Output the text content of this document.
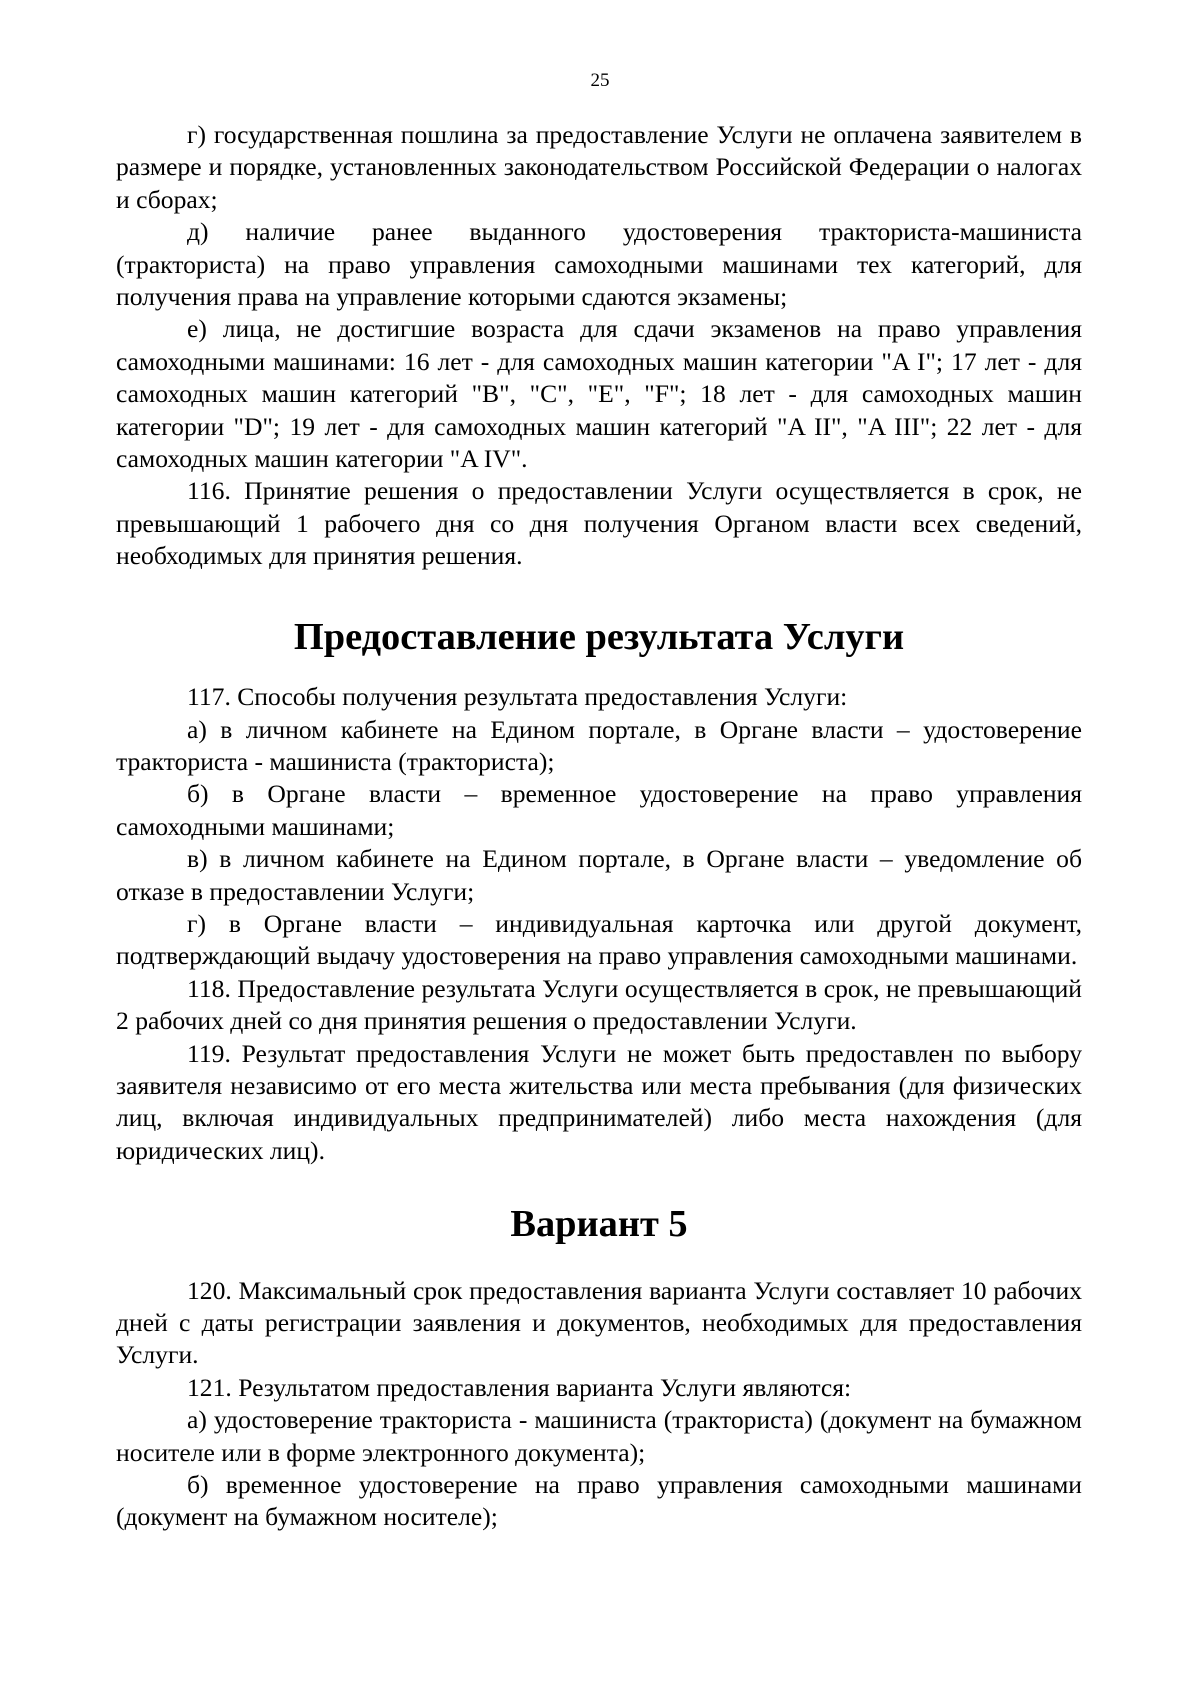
25

г) государственная пошлина за предоставление Услуги не оплачена заявителем в размере и порядке, установленных законодательством Российской Федерации о налогах и сборах;

д) наличие ранее выданного удостоверения тракториста-машиниста (тракториста) на право управления самоходными машинами тех категорий, для получения права на управление которыми сдаются экзамены;

е) лица, не достигшие возраста для сдачи экзаменов на право управления самоходными машинами: 16 лет - для самоходных машин категории "A I"; 17 лет - для самоходных машин категорий "B", "C", "E", "F"; 18 лет - для самоходных машин категории "D"; 19 лет - для самоходных машин категорий "A II", "A III"; 22 лет - для самоходных машин категории "A IV".

116. Принятие решения о предоставлении Услуги осуществляется в срок, не превышающий 1 рабочего дня со дня получения Органом власти всех сведений, необходимых для принятия решения.

Предоставление результата Услуги

117. Способы получения результата предоставления Услуги:

а) в личном кабинете на Едином портале, в Органе власти – удостоверение тракториста - машиниста (тракториста);

б) в Органе власти – временное удостоверение на право управления самоходными машинами;

в) в личном кабинете на Едином портале, в Органе власти – уведомление об отказе в предоставлении Услуги;

г) в Органе власти – индивидуальная карточка или другой документ, подтверждающий выдачу удостоверения на право управления самоходными машинами.

118. Предоставление результата Услуги осуществляется в срок, не превышающий 2 рабочих дней со дня принятия решения о предоставлении Услуги.

119. Результат предоставления Услуги не может быть предоставлен по выбору заявителя независимо от его места жительства или места пребывания (для физических лиц, включая индивидуальных предпринимателей) либо места нахождения (для юридических лиц).

Вариант 5

120. Максимальный срок предоставления варианта Услуги составляет 10 рабочих дней с даты регистрации заявления и документов, необходимых для предоставления Услуги.

121. Результатом предоставления варианта Услуги являются:

а) удостоверение тракториста - машиниста (тракториста) (документ на бумажном носителе или в форме электронного документа);

б) временное удостоверение на право управления самоходными машинами (документ на бумажном носителе);
